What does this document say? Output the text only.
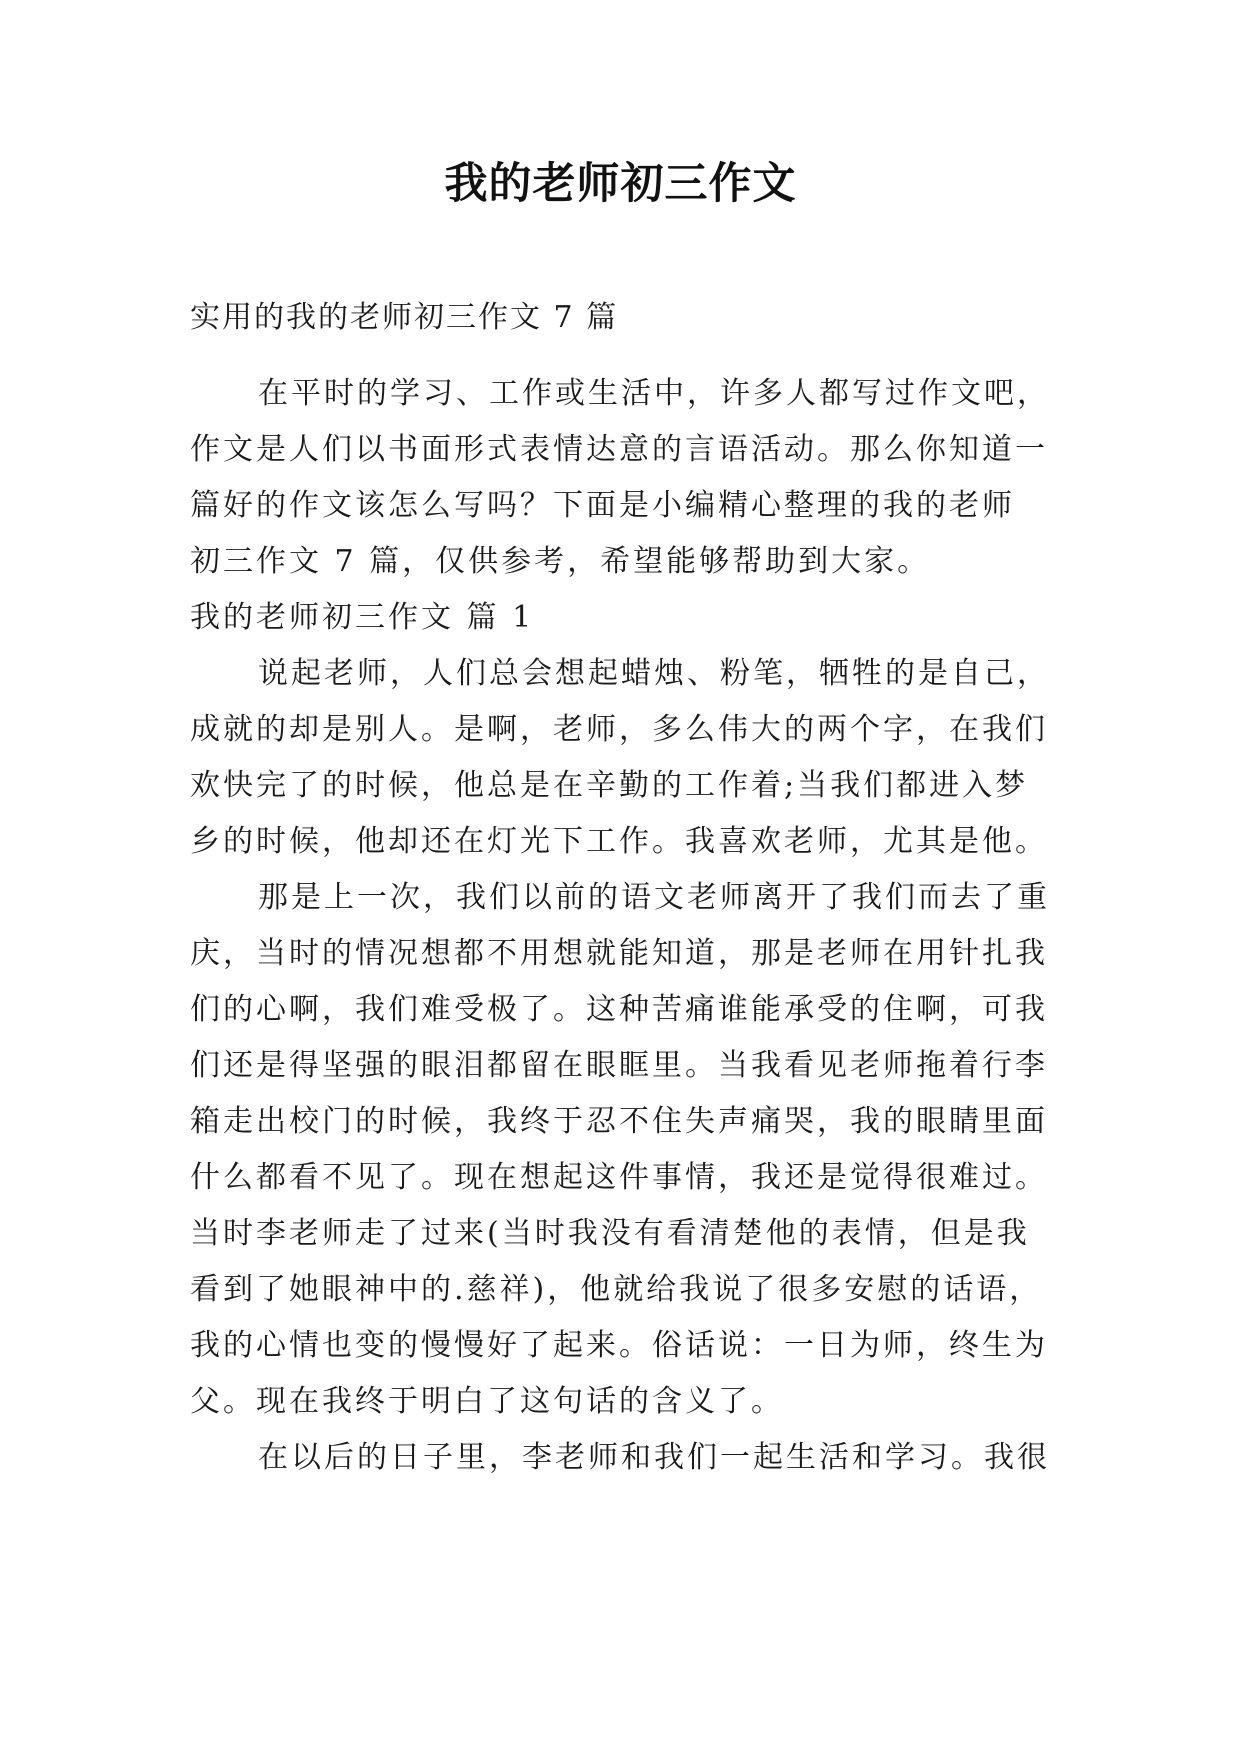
我的老师初三作文
实用的我的老师初三作文 7 篇
在平时的学习、工作或生活中，许多人都写过作文吧，
作文是人们以书面形式表情达意的言语活动。那么你知道一
篇好的作文该怎么写吗？下面是小编精心整理的我的老师
初三作文 7 篇，仅供参考，希望能够帮助到大家。
我的老师初三作文 篇 1
说起老师，人们总会想起蜡烛、粉笔，牺牲的是自己，
成就的却是别人。是啊，老师，多么伟大的两个字，在我们
欢快完了的时候，他总是在辛勤的工作着;当我们都进入梦
乡的时候，他却还在灯光下工作。我喜欢老师，尤其是他。
那是上一次，我们以前的语文老师离开了我们而去了重
庆，当时的情况想都不用想就能知道，那是老师在用针扎我
们的心啊，我们难受极了。这种苦痛谁能承受的住啊，可我
们还是得坚强的眼泪都留在眼眶里。当我看见老师拖着行李
箱走出校门的时候，我终于忍不住失声痛哭，我的眼睛里面
什么都看不见了。现在想起这件事情，我还是觉得很难过。
当时李老师走了过来(当时我没有看清楚他的表情，但是我
看到了她眼神中的.慈祥)，他就给我说了很多安慰的话语，
我的心情也变的慢慢好了起来。俗话说：一日为师，终生为
父。现在我终于明白了这句话的含义了。
在以后的日子里，李老师和我们一起生活和学习。我很
